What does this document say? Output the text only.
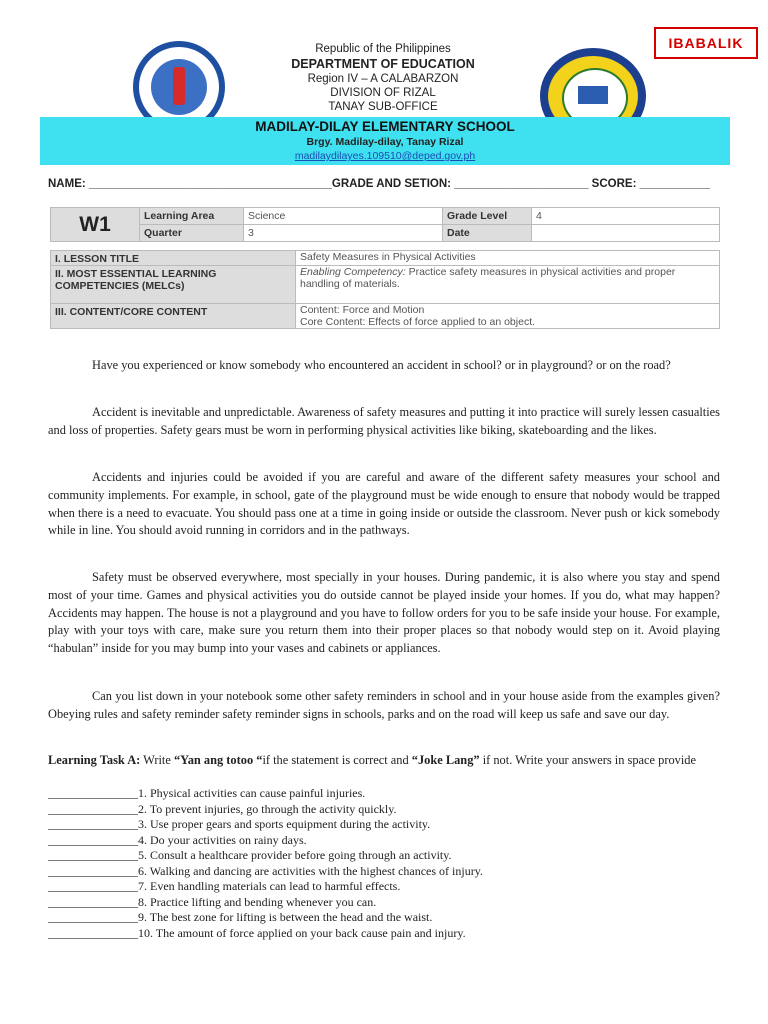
IBABALIK
Republic of the Philippines
DEPARTMENT OF EDUCATION
Region IV – A CALABARZON
DIVISION OF RIZAL
TANAY SUB-OFFICE
MADILAY-DILAY ELEMENTARY SCHOOL
Brgy. Madilay-dilay, Tanay Rizal
madilaydilayes.109510@deped.gov.ph
NAME: ______________________________________GRADE AND SETION: _____________________ SCORE: ___________
W1	Learning Area	Science	Grade Level	4
	Quarter	3	Date	
I. LESSON TITLE	Safety Measures in Physical Activities
II. MOST ESSENTIAL LEARNING COMPETENCIES (MELCs)	Enabling Competency: Practice safety measures in physical activities and proper handling of materials.
III. CONTENT/CORE CONTENT	Content: Force and Motion
Core Content: Effects of force applied to an object.

Have you experienced or know somebody who encountered an accident in school? or in playground? or on the road?

Accident is inevitable and unpredictable. Awareness of safety measures and putting it into practice will surely lessen casualties and loss of properties. Safety gears must be worn in performing physical activities like biking, skateboarding and the likes.

Accidents and injuries could be avoided if you are careful and aware of the different safety measures your school and community implements. For example, in school, gate of the playground must be wide enough to ensure that nobody would be trapped when there is a need to evacuate. You should pass one at a time in going inside or outside the classroom. Never push or kick somebody while in line. You should avoid running in corridors and in the pathways.

Safety must be observed everywhere, most specially in your houses. During pandemic, it is also where you stay and spend most of your time. Games and physical activities you do outside cannot be played inside your homes. If you do, what may happen? Accidents may happen. The house is not a playground and you have to follow orders for you to be safe inside your house. For example, play with your toys with care, make sure you return them into their proper places so that nobody would step on it. Avoid playing “habulan” inside for you may bump into your vases and cabinets or appliances.

Can you list down in your notebook some other safety reminders in school and in your house aside from the examples given? Obeying rules and safety reminder safety reminder signs in schools, parks and on the road will keep us safe and save our day.

Learning Task A: Write “Yan ang totoo “if the statement is correct and “Joke Lang” if not. Write your answers in space provide

_______________1. Physical activities can cause painful injuries.
_______________2. To prevent injuries, go through the activity quickly.
_______________3. Use proper gears and sports equipment during the activity.
_______________4. Do your activities on rainy days.
_______________5. Consult a healthcare provider before going through an activity.
_______________6. Walking and dancing are activities with the highest chances of injury.
_______________7. Even handling materials can lead to harmful effects.
_______________8. Practice lifting and bending whenever you can.
_______________9. The best zone for lifting is between the head and the waist.
_______________10. The amount of force applied on your back cause pain and injury.
